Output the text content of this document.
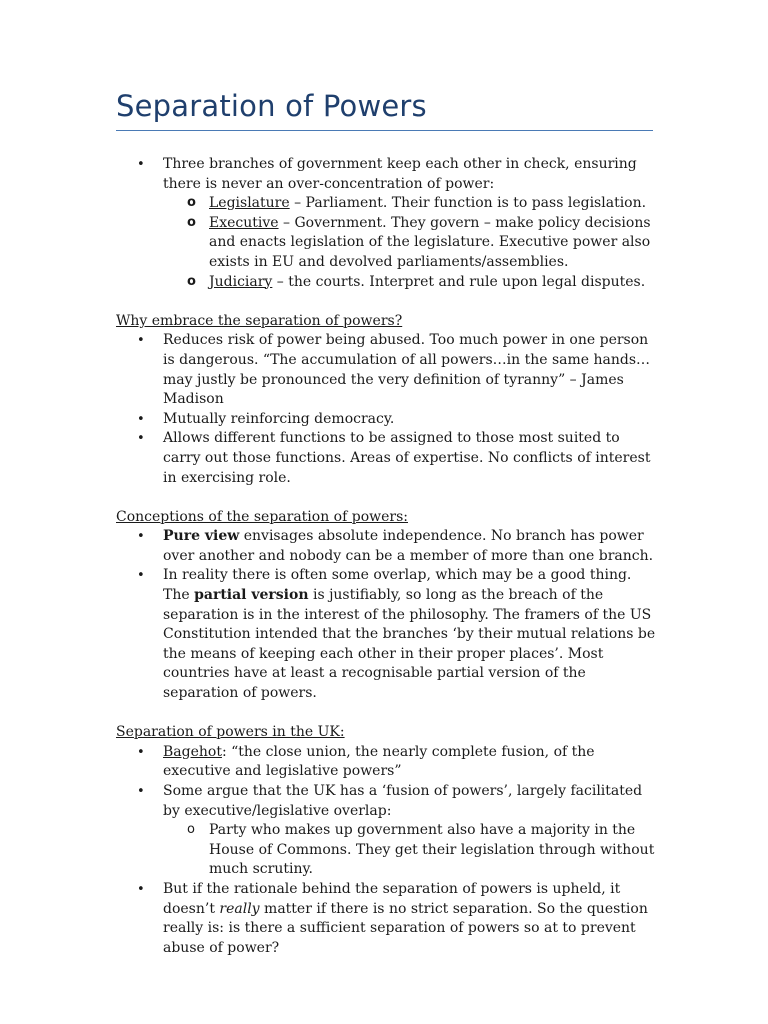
Separation of Powers
• Three branches of government keep each other in check, ensuring there is never an over-concentration of power:
o Legislature – Parliament. Their function is to pass legislation.
o Executive – Government. They govern – make policy decisions and enacts legislation of the legislature. Executive power also exists in EU and devolved parliaments/assemblies.
o Judiciary – the courts. Interpret and rule upon legal disputes.

Why embrace the separation of powers?

• Reduces risk of power being abused. Too much power in one person is dangerous. “The accumulation of all powers…in the same hands…may justly be pronounced the very definition of tyranny” – James Madison
• Mutually reinforcing democracy.
• Allows different functions to be assigned to those most suited to carry out those functions. Areas of expertise. No conflicts of interest in exercising role.

Conceptions of the separation of powers:

• Pure view envisages absolute independence. No branch has power over another and nobody can be a member of more than one branch.
• In reality there is often some overlap, which may be a good thing. The partial version is justifiably, so long as the breach of the separation is in the interest of the philosophy. The framers of the US Constitution intended that the branches ‘by their mutual relations be the means of keeping each other in their proper places’. Most countries have at least a recognisable partial version of the separation of powers.

Separation of powers in the UK:

• Bagehot: “the close union, the nearly complete fusion, of the executive and legislative powers”
• Some argue that the UK has a ‘fusion of powers’, largely facilitated by executive/legislative overlap:
o Party who makes up government also have a majority in the House of Commons. They get their legislation through without much scrutiny.
• But if the rationale behind the separation of powers is upheld, it doesn’t really matter if there is no strict separation. So the question really is: is there a sufficient separation of powers so at to prevent abuse of power?
